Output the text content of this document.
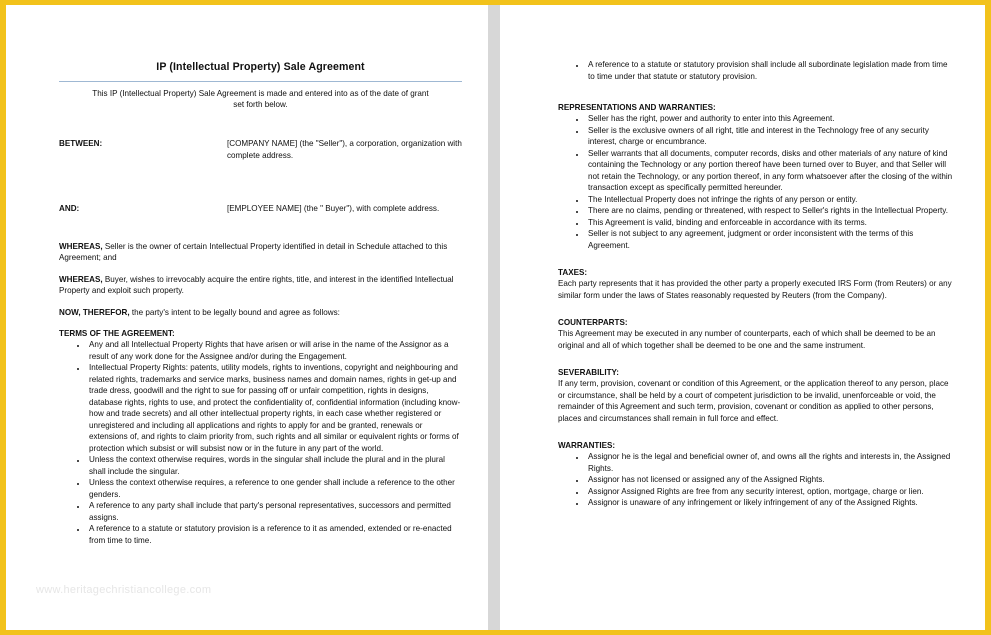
IP (Intellectual Property) Sale Agreement
This IP (Intellectual Property) Sale Agreement is made and entered into as of the date of grant set forth below.
BETWEEN:	[COMPANY NAME] (the "Seller"), a corporation, organization with complete address.
AND:	[EMPLOYEE NAME] (the " Buyer"), with complete address.

WHEREAS, Seller is the owner of certain Intellectual Property identified in detail in Schedule attached to this Agreement; and

WHEREAS, Buyer, wishes to irrevocably acquire the entire rights, title, and interest in the identified Intellectual Property and exploit such property.

NOW, THEREFOR, the party's intent to be legally bound and agree as follows:

TERMS OF THE AGREEMENT:
• Any and all Intellectual Property Rights that have arisen or will arise in the name of the Assignor as a result of any work done for the Assignee and/or during the Engagement.
• Intellectual Property Rights: patents, utility models, rights to inventions, copyright and neighbouring and related rights, trademarks and service marks, business names and domain names, rights in get-up and trade dress, goodwill and the right to sue for passing off or unfair competition, rights in designs, database rights, rights to use, and protect the confidentiality of, confidential information (including know-how and trade secrets) and all other intellectual property rights, in each case whether registered or unregistered and including all applications and rights to apply for and be granted, renewals or extensions of, and rights to claim priority from, such rights and all similar or equivalent rights or forms of protection which subsist or will subsist now or in the future in any part of the world.
• Unless the context otherwise requires, words in the singular shall include the plural and in the plural shall include the singular.
• Unless the context otherwise requires, a reference to one gender shall include a reference to the other genders.
• A reference to any party shall include that party's personal representatives, successors and permitted assigns.
• A reference to a statute or statutory provision is a reference to it as amended, extended or re-enacted from time to time.
• A reference to a statute or statutory provision shall include all subordinate legislation made from time to time under that statute or statutory provision.
REPRESENTATIONS AND WARRANTIES:
• Seller has the right, power and authority to enter into this Agreement.
• Seller is the exclusive owners of all right, title and interest in the Technology free of any security interest, charge or encumbrance.
• Seller warrants that all documents, computer records, disks and other materials of any nature of kind containing the Technology or any portion thereof have been turned over to Buyer, and that Seller will not retain the Technology, or any portion thereof, in any form whatsoever after the closing of the within transaction except as specifically permitted hereunder.
• The Intellectual Property does not infringe the rights of any person or entity.
• There are no claims, pending or threatened, with respect to Seller's rights in the Intellectual Property.
• This Agreement is valid, binding and enforceable in accordance with its terms.
• Seller is not subject to any agreement, judgment or order inconsistent with the terms of this Agreement.
TAXES:
Each party represents that it has provided the other party a properly executed IRS Form (from Reuters) or any similar form under the laws of States reasonably requested by Reuters (from the Company).
COUNTERPARTS:
This Agreement may be executed in any number of counterparts, each of which shall be deemed to be an original and all of which together shall be deemed to be one and the same instrument.
SEVERABILITY:
If any term, provision, covenant or condition of this Agreement, or the application thereof to any person, place or circumstance, shall be held by a court of competent jurisdiction to be invalid, unenforceable or void, the remainder of this Agreement and such term, provision, covenant or condition as applied to other persons, places and circumstances shall remain in full force and effect.
WARRANTIES:
• Assignor he is the legal and beneficial owner of, and owns all the rights and interests in, the Assigned Rights.
• Assignor has not licensed or assigned any of the Assigned Rights.
• Assignor Assigned Rights are free from any security interest, option, mortgage, charge or lien.
• Assignor is unaware of any infringement or likely infringement of any of the Assigned Rights.
www.heritagechristiancollege.com
